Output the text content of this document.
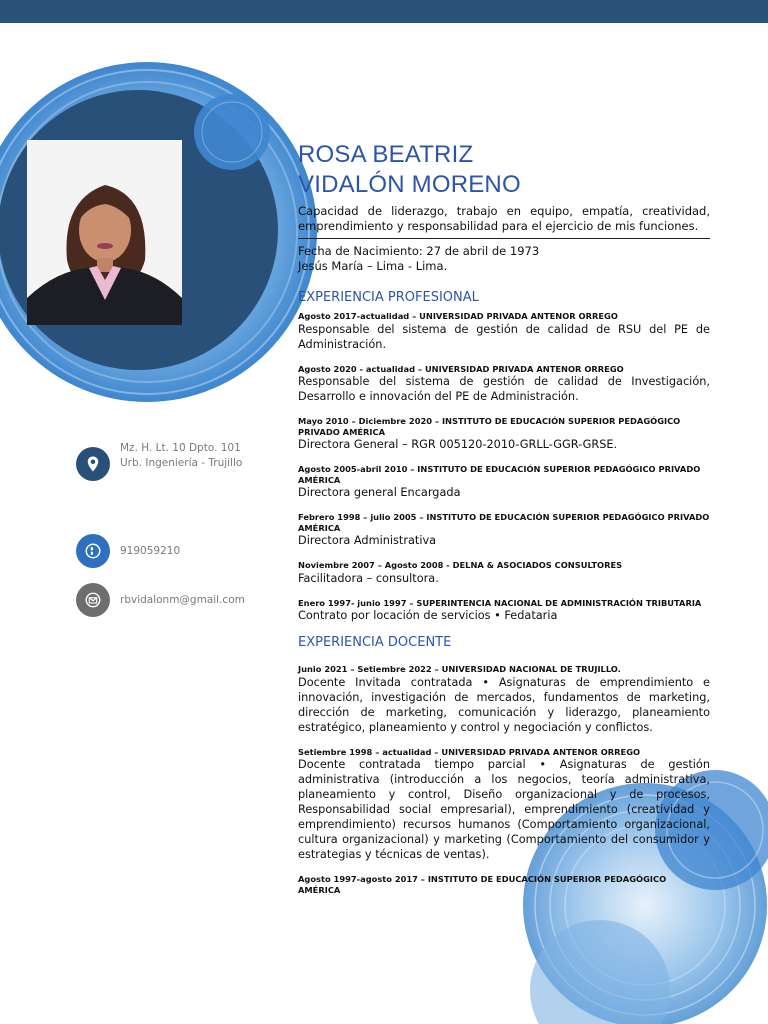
Mz. H. Lt. 10 Dpto. 101
Urb. Ingeniería - Trujillo
919059210
rbvidalonm@gmail.com
ROSA BEATRIZ
VIDALÓN MORENO
Capacidad de liderazgo, trabajo en equipo, empatía, creatividad, emprendimiento y responsabilidad para el ejercicio de mis funciones.
Fecha de Nacimiento: 27 de abril de 1973
Jesús María – Lima - Lima.
EXPERIENCIA PROFESIONAL
Agosto 2017-actualidad – UNIVERSIDAD PRIVADA ANTENOR ORREGO
Responsable del sistema de gestión de calidad de RSU del PE de Administración.
Agosto 2020 - actualidad – UNIVERSIDAD PRIVADA ANTENOR ORREGO
Responsable del sistema de gestión de calidad de Investigación, Desarrollo e innovación del PE de Administración.
Mayo 2010 – Diciembre 2020 – INSTITUTO DE EDUCACIÓN SUPERIOR PEDAGÓGICO PRIVADO AMÉRICA
Directora General – RGR 005120-2010-GRLL-GGR-GRSE.
Agosto 2005-abril 2010 – INSTITUTO DE EDUCACIÓN SUPERIOR PEDAGÓGICO PRIVADO AMÉRICA
Directora general Encargada
Febrero 1998 – julio 2005 – INSTITUTO DE EDUCACIÓN SUPERIOR PEDAGÓGICO PRIVADO AMÉRICA
Directora Administrativa
Noviembre 2007 – Agosto 2008 - DELNA & ASOCIADOS CONSULTORES
Facilitadora – consultora.
Enero 1997- junio 1997 – SUPERINTENCIA NACIONAL DE ADMINISTRACIÓN TRIBUTARIA
Contrato por locación de servicios • Fedataria
EXPERIENCIA DOCENTE
Junio 2021 – Setiembre 2022 – UNIVERSIDAD NACIONAL DE TRUJILLO.
Docente Invitada contratada • Asignaturas de emprendimiento e innovación, investigación de mercados, fundamentos de marketing, dirección de marketing, comunicación y liderazgo, planeamiento estratégico, planeamiento y control y negociación y conflictos.
Setiembre 1998 – actualidad – UNIVERSIDAD PRIVADA ANTENOR ORREGO
Docente contratada tiempo parcial • Asignaturas de gestión administrativa (introducción a los negocios, teoría administrativa, planeamiento y control, Diseño organizacional y de procesos, Responsabilidad social empresarial), emprendimiento (creatividad y emprendimiento) recursos humanos (Comportamiento organizacional, cultura organizacional) y marketing (Comportamiento del consumidor y estrategias y técnicas de ventas).
Agosto 1997-agosto 2017 – INSTITUTO DE EDUCACIÓN SUPERIOR PEDAGÓGICO AMÉRICA
